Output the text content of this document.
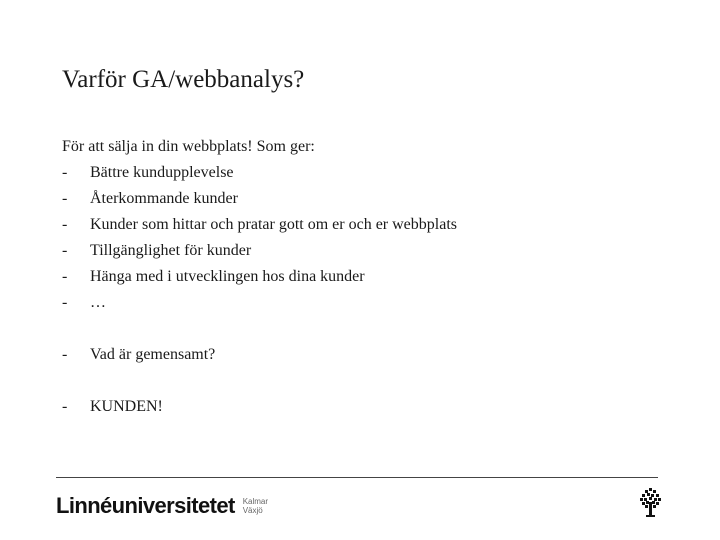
Varför GA/webbanalys?
För att sälja in din webbplats! Som ger:
- Bättre kundupplevelse
- Återkommande kunder
- Kunder som hittar och pratar gott om er och er webbplats
- Tillgänglighet för kunder
- Hänga med i utvecklingen hos dina kunder
- …
- Vad är gemensamt?
- KUNDEN!
Linnéuniversitetet Kalmar
Växjö
